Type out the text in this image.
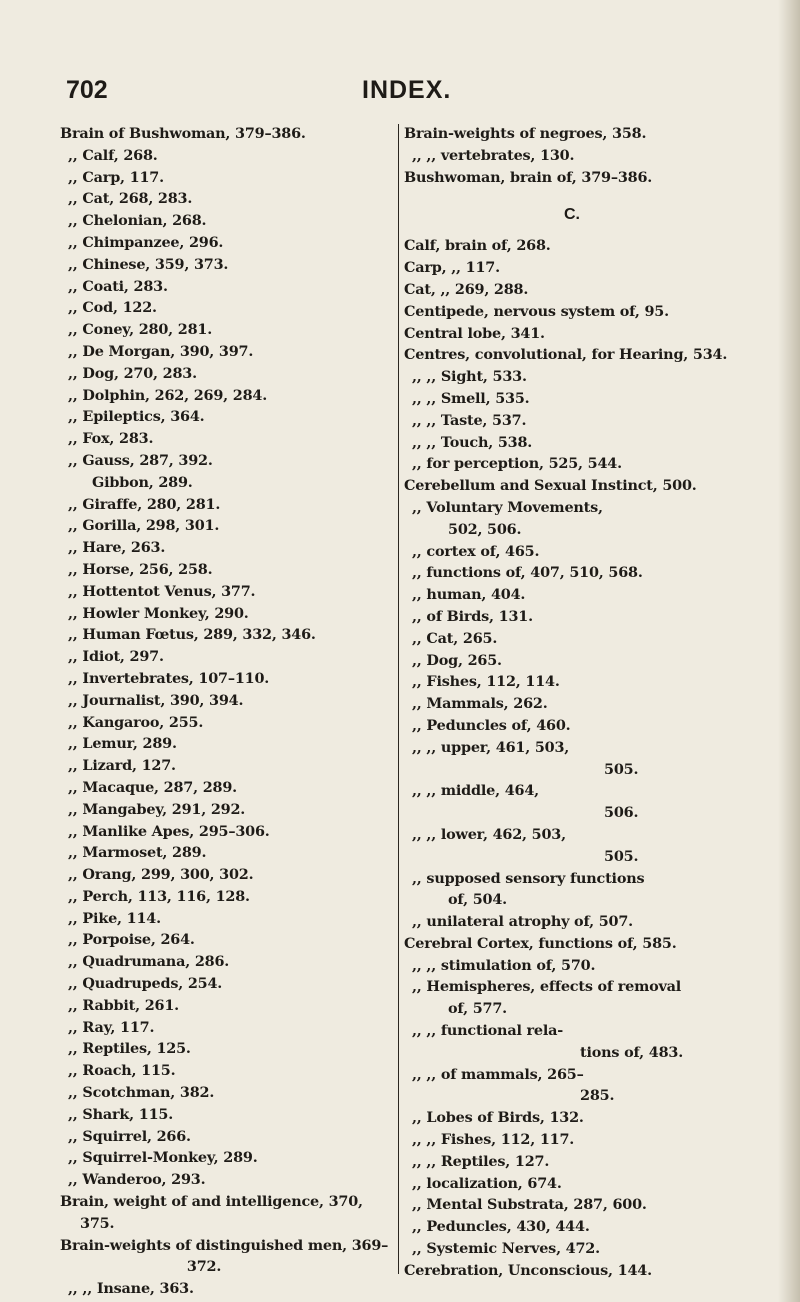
702	INDEX.
Brain of Bushwoman, 379–386.
,, Calf, 268.
,, Carp, 117.
,, Cat, 268, 283.
,, Chelonian, 268.
,, Chimpanzee, 296.
,, Chinese, 359, 373.
,, Coati, 283.
,, Cod, 122.
,, Coney, 280, 281.
,, De Morgan, 390, 397.
,, Dog, 270, 283.
,, Dolphin, 262, 269, 284.
,, Epileptics, 364.
,, Fox, 283.
,, Gauss, 287, 392.
Gibbon, 289.
,, Giraffe, 280, 281.
,, Gorilla, 298, 301.
,, Hare, 263.
,, Horse, 256, 258.
,, Hottentot Venus, 377.
,, Howler Monkey, 290.
,, Human Fœtus, 289, 332, 346.
,, Idiot, 297.
,, Invertebrates, 107–110.
,, Journalist, 390, 394.
,, Kangaroo, 255.
,, Lemur, 289.
,, Lizard, 127.
,, Macaque, 287, 289.
,, Mangabey, 291, 292.
,, Manlike Apes, 295–306.
,, Marmoset, 289.
,, Orang, 299, 300, 302.
,, Perch, 113, 116, 128.
,, Pike, 114.
,, Porpoise, 264.
,, Quadrumana, 286.
,, Quadrupeds, 254.
,, Rabbit, 261.
,, Ray, 117.
,, Reptiles, 125.
,, Roach, 115.
,, Scotchman, 382.
,, Shark, 115.
,, Squirrel, 266.
,, Squirrel-Monkey, 289.
,, Wanderoo, 293.
Brain, weight of and intelligence, 370,
375.
Brain-weights of distinguished men, 369–
372.
,, ,, Insane, 363.
Brain-weights of negroes, 358.
,, ,, vertebrates, 130.
Bushwoman, brain of, 379–386.
C.
Calf, brain of, 268.
Carp, ,, 117.
Cat, ,, 269, 288.
Centipede, nervous system of, 95.
Central lobe, 341.
Centres, convolutional, for Hearing, 534.
,, ,, Sight, 533.
,, ,, Smell, 535.
,, ,, Taste, 537.
,, ,, Touch, 538.
,, for perception, 525, 544.
Cerebellum and Sexual Instinct, 500.
,, Voluntary Movements,
502, 506.
,, cortex of, 465.
,, functions of, 407, 510, 568.
,, human, 404.
,, of Birds, 131.
,, Cat, 265.
,, Dog, 265.
,, Fishes, 112, 114.
,, Mammals, 262.
,, Peduncles of, 460.
,, ,, upper, 461, 503,
505.
,, ,, middle, 464,
506.
,, ,, lower, 462, 503,
505.
,, supposed sensory functions
of, 504.
,, unilateral atrophy of, 507.
Cerebral Cortex, functions of, 585.
,, ,, stimulation of, 570.
,, Hemispheres, effects of removal
of, 577.
,, ,, functional rela-
tions of, 483.
,, ,, of mammals, 265–
285.
,, Lobes of Birds, 132.
,, ,, Fishes, 112, 117.
,, ,, Reptiles, 127.
,, localization, 674.
,, Mental Substrata, 287, 600.
,, Peduncles, 430, 444.
,, Systemic Nerves, 472.
Cerebration, Unconscious, 144.
